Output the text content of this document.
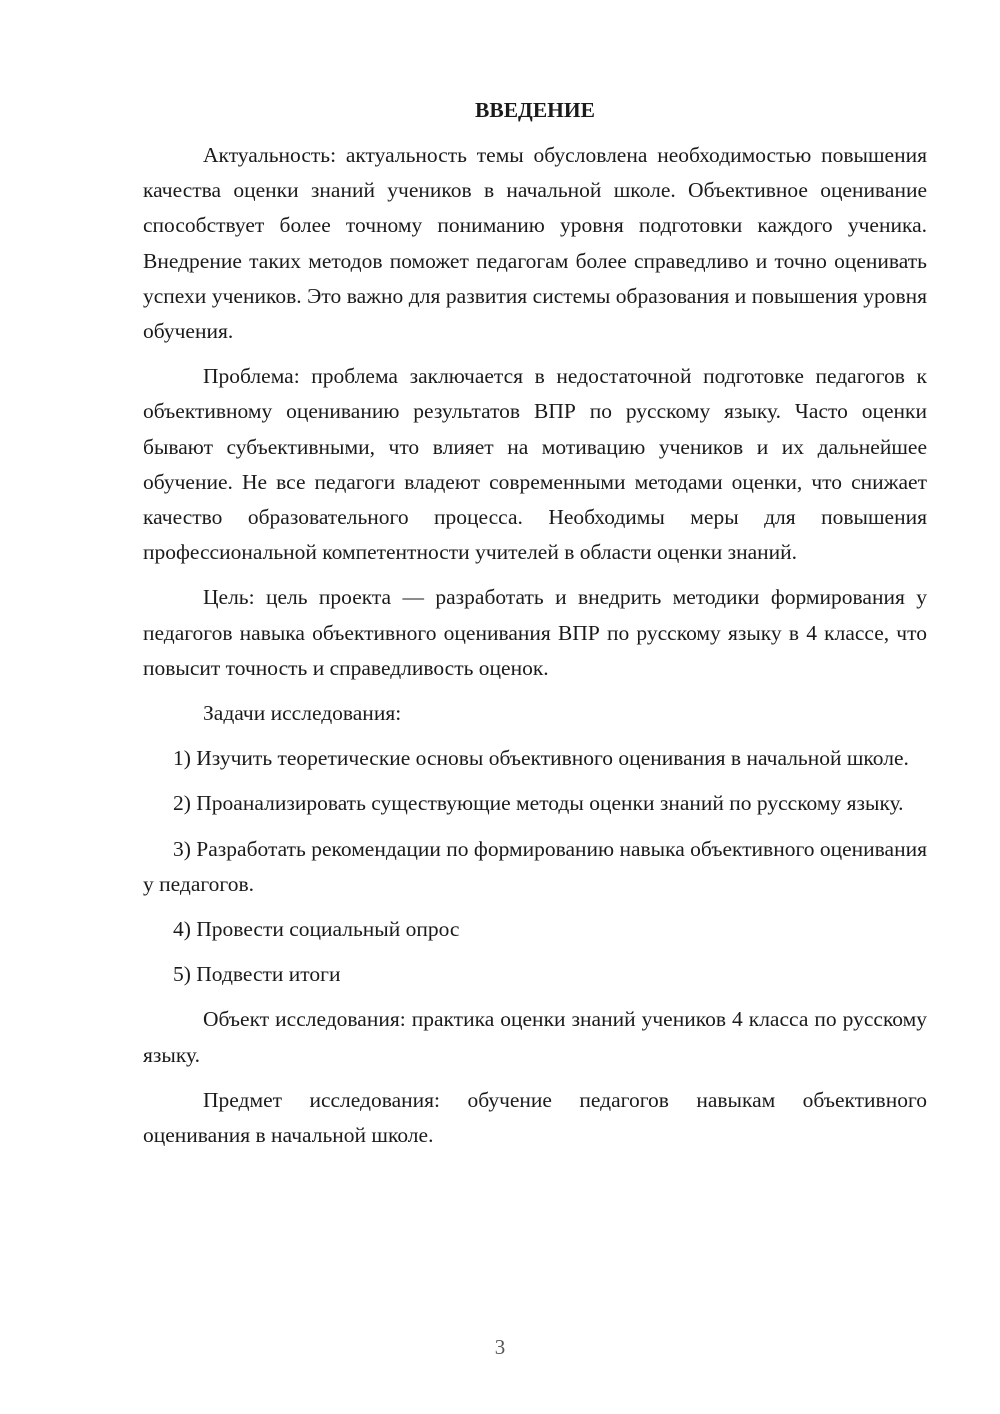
ВВЕДЕНИЕ

Актуальность: актуальность темы обусловлена необходимостью повышения качества оценки знаний учеников в начальной школе. Объективное оценивание способствует более точному пониманию уровня подготовки каждого ученика. Внедрение таких методов поможет педагогам более справедливо и точно оценивать успехи учеников. Это важно для развития системы образования и повышения уровня обучения.

Проблема: проблема заключается в недостаточной подготовке педагогов к объективному оцениванию результатов ВПР по русскому языку. Часто оценки бывают субъективными, что влияет на мотивацию учеников и их дальнейшее обучение. Не все педагоги владеют современными методами оценки, что снижает качество образовательного процесса. Необходимы меры для повышения профессиональной компетентности учителей в области оценки знаний.

Цель: цель проекта — разработать и внедрить методики формирования у педагогов навыка объективного оценивания ВПР по русскому языку в 4 классе, что повысит точность и справедливость оценок.

Задачи исследования:

1) Изучить теоретические основы объективного оценивания в начальной школе.

2) Проанализировать существующие методы оценки знаний по русскому языку.

3) Разработать рекомендации по формированию навыка объективного оценивания у педагогов.

4) Провести социальный опрос

5) Подвести итоги

Объект исследования: практика оценки знаний учеников 4 класса по русскому языку.

Предмет исследования: обучение педагогов навыкам объективного оценивания в начальной школе.

3
